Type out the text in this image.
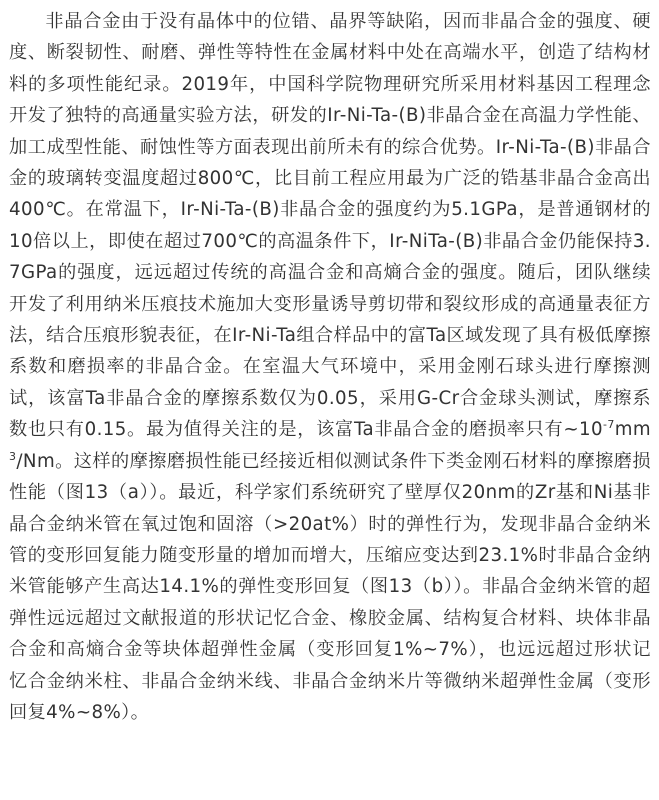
非晶合金由于没有晶体中的位错、晶界等缺陷，因而非晶合金的强度、硬度、断裂韧性、耐磨、弹性等特性在金属材料中处在高端水平，创造了结构材料的多项性能纪录。2019年，中国科学院物理研究所采用材料基因工程理念开发了独特的高通量实验方法，研发的Ir-Ni-Ta-(B)非晶合金在高温力学性能、加工成型性能、耐蚀性等方面表现出前所未有的综合优势。Ir-Ni-Ta-(B)非晶合金的玻璃转变温度超过800℃，比目前工程应用最为广泛的锆基非晶合金高出400℃。在常温下，Ir-Ni-Ta-(B)非晶合金的强度约为5.1GPa，是普通钢材的10倍以上，即使在超过700℃的高温条件下，Ir-NiTa-(B)非晶合金仍能保持3.7GPa的强度，远远超过传统的高温合金和高熵合金的强度。随后，团队继续开发了利用纳米压痕技术施加大变形量诱导剪切带和裂纹形成的高通量表征方法，结合压痕形貌表征，在Ir-Ni-Ta组合样品中的富Ta区域发现了具有极低摩擦系数和磨损率的非晶合金。在室温大气环境中，采用金刚石球头进行摩擦测试，该富Ta非晶合金的摩擦系数仅为0.05，采用G-Cr合金球头测试，摩擦系数也只有0.15。最为值得关注的是，该富Ta非晶合金的磨损率只有$\sim 10^{-7}mm^3/Nm$。这样的摩擦磨损性能已经接近相似测试条件下类金刚石材料的摩擦磨损性能（图13（a））。最近，科学家们系统研究了壁厚仅20nm的Zr基和Ni基非晶合金纳米管在氧过饱和固溶（>20at%）时的弹性行为，发现非晶合金纳米管的变形回复能力随变形量的增加而增大，压缩应变达到23.1%时非晶合金纳米管能够产生高达14.1%的弹性变形回复（图13（b））。非晶合金纳米管的超弹性远远超过文献报道的形状记忆合金、橡胶金属、结构复合材料、块体非晶合金和高熵合金等块体超弹性金属（变形回复1%~7%），也远远超过形状记忆合金纳米柱、非晶合金纳米线、非晶合金纳米片等微纳米超弹性金属（变形回复4%~8%）。
